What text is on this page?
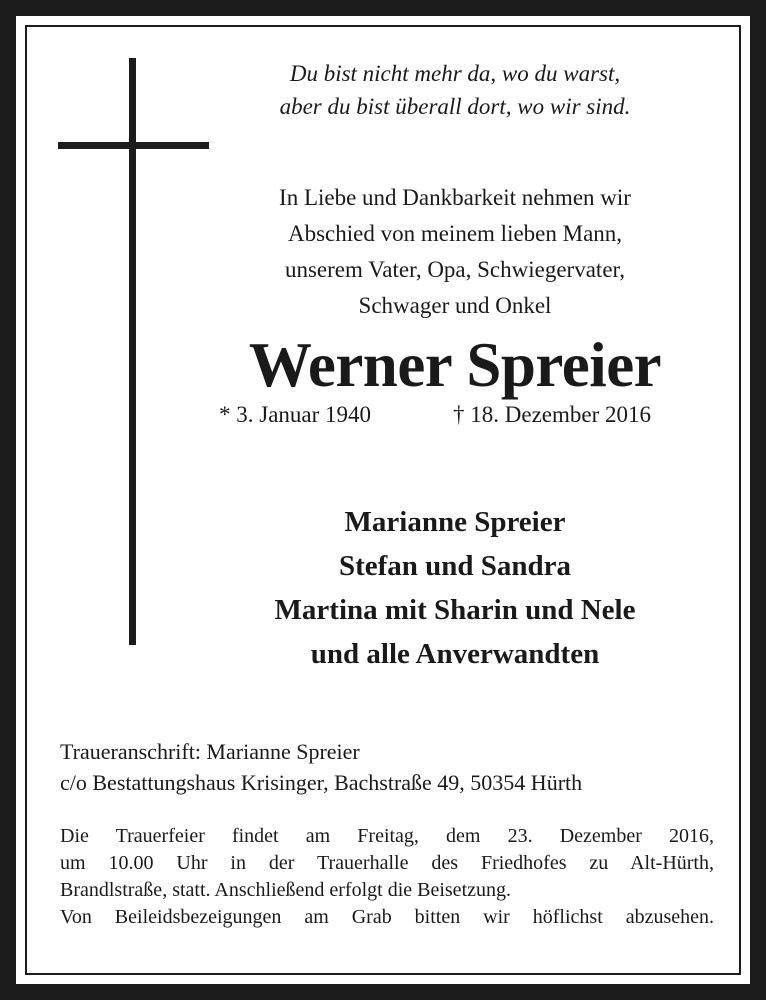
Du bist nicht mehr da, wo du warst,
aber du bist überall dort, wo wir sind.
In Liebe und Dankbarkeit nehmen wir
Abschied von meinem lieben Mann,
unserem Vater, Opa, Schwiegervater,
Schwager und Onkel
Werner Spreier
* 3. Januar 1940	† 18. Dezember 2016
Marianne Spreier
Stefan und Sandra
Martina mit Sharin und Nele
und alle Anverwandten
Traueranschrift: Marianne Spreier
c/o Bestattungshaus Krisinger, Bachstraße 49, 50354 Hürth
Die Trauerfeier findet am Freitag, dem 23. Dezember 2016,
um 10.00 Uhr in der Trauerhalle des Friedhofes zu Alt-Hürth,
Brandlstraße, statt. Anschließend erfolgt die Beisetzung.
Von Beileidsbezeigungen am Grab bitten wir höflichst abzusehen.
